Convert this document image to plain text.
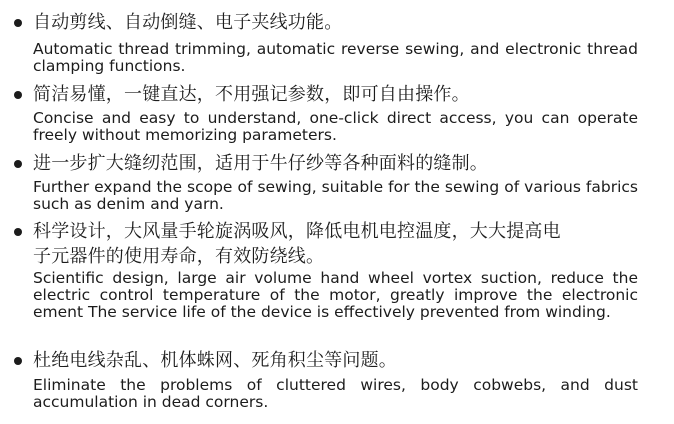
自动剪线、自动倒缝、电子夹线功能。
Automatic thread trimming, automatic reverse sewing, and electronic thread clamping functions.
简洁易懂，一键直达，不用强记参数，即可自由操作。
Concise and easy to understand, one-click direct access, you can operate freely without memorizing parameters.
进一步扩大缝纫范围，适用于牛仔纱等各种面料的缝制。
Further expand the scope of sewing, suitable for the sewing of various fabrics such as denim and yarn.
科学设计，大风量手轮旋涡吸风，降低电机电控温度，大大提高电
子元器件的使用寿命，有效防绕线。
Scientific design, large air volume hand wheel vortex suction, reduce the electric control temperature of the motor, greatly improve the electronic ement The service life of the device is effectively prevented from winding.
杜绝电线杂乱、机体蛛网、死角积尘等问题。
Eliminate the problems of cluttered wires, body cobwebs, and dust accumulation in dead corners.
